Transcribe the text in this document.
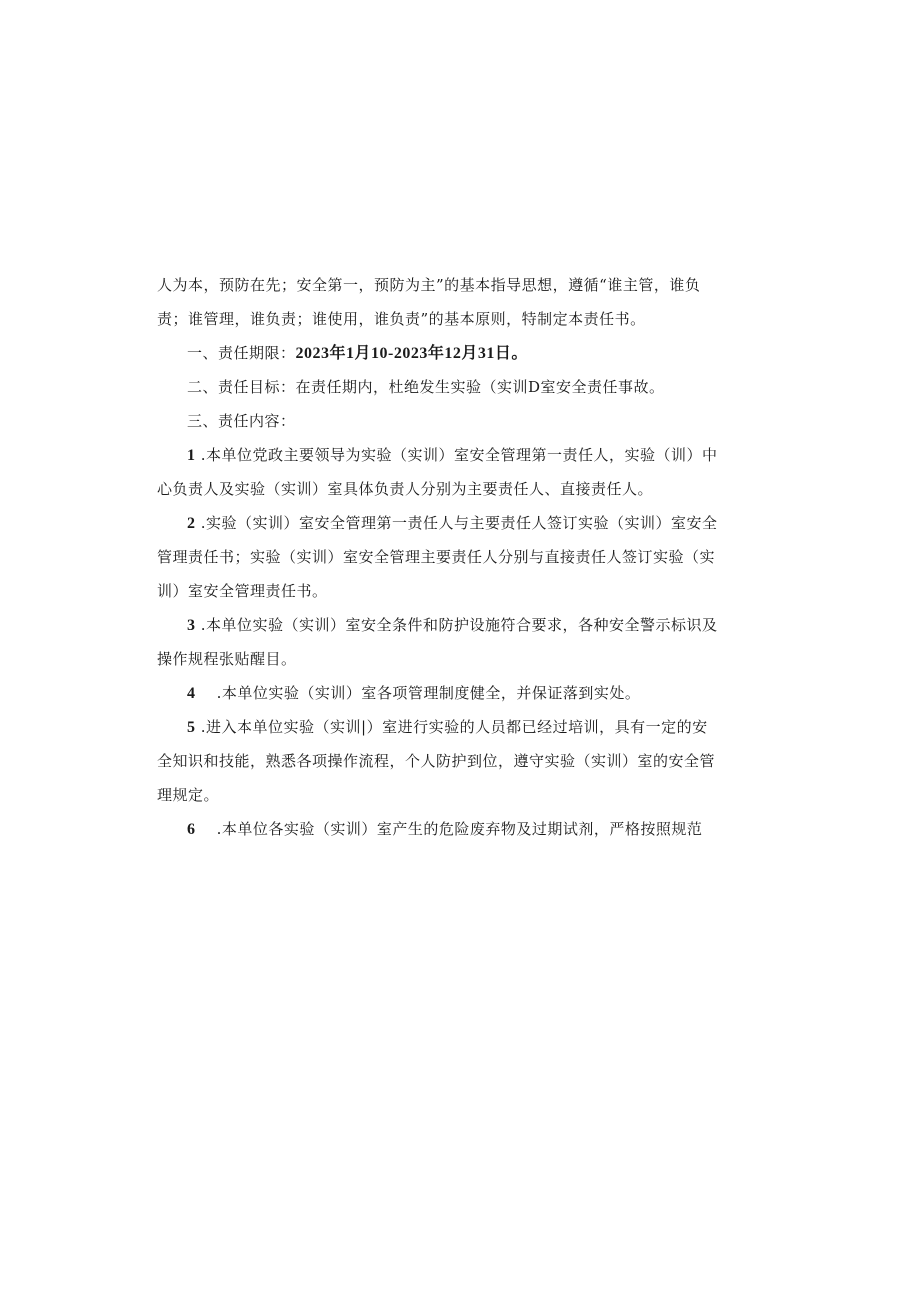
人为本，预防在先；安全第一，预防为主”的基本指导思想，遵循“谁主管，谁负
责；谁管理，谁负责；谁使用，谁负责”的基本原则，特制定本责任书。
一、责任期限：2023年1月10-2023年12月31日。
二、责任目标：在责任期内，杜绝发生实验（实训D室安全责任事故。
三、责任内容：
1 .本单位党政主要领导为实验（实训）室安全管理第一责任人，实验（训）中
心负责人及实验（实训）室具体负责人分别为主要责任人、直接责任人。
2 .实验（实训）室安全管理第一责任人与主要责任人签订实验（实训）室安全
管理责任书；实验（实训）室安全管理主要责任人分别与直接责任人签订实验（实
训）室安全管理责任书。
3 .本单位实验（实训）室安全条件和防护设施符合要求，各种安全警示标识及
操作规程张贴醒目。
4 .本单位实验（实训）室各项管理制度健全，并保证落到实处。
5 .进入本单位实验（实训|）室进行实验的人员都已经过培训，具有一定的安
全知识和技能，熟悉各项操作流程，个人防护到位，遵守实验（实训）室的安全管
理规定。
6 .本单位各实验（实训）室产生的危险废弃物及过期试剂，严格按照规范
